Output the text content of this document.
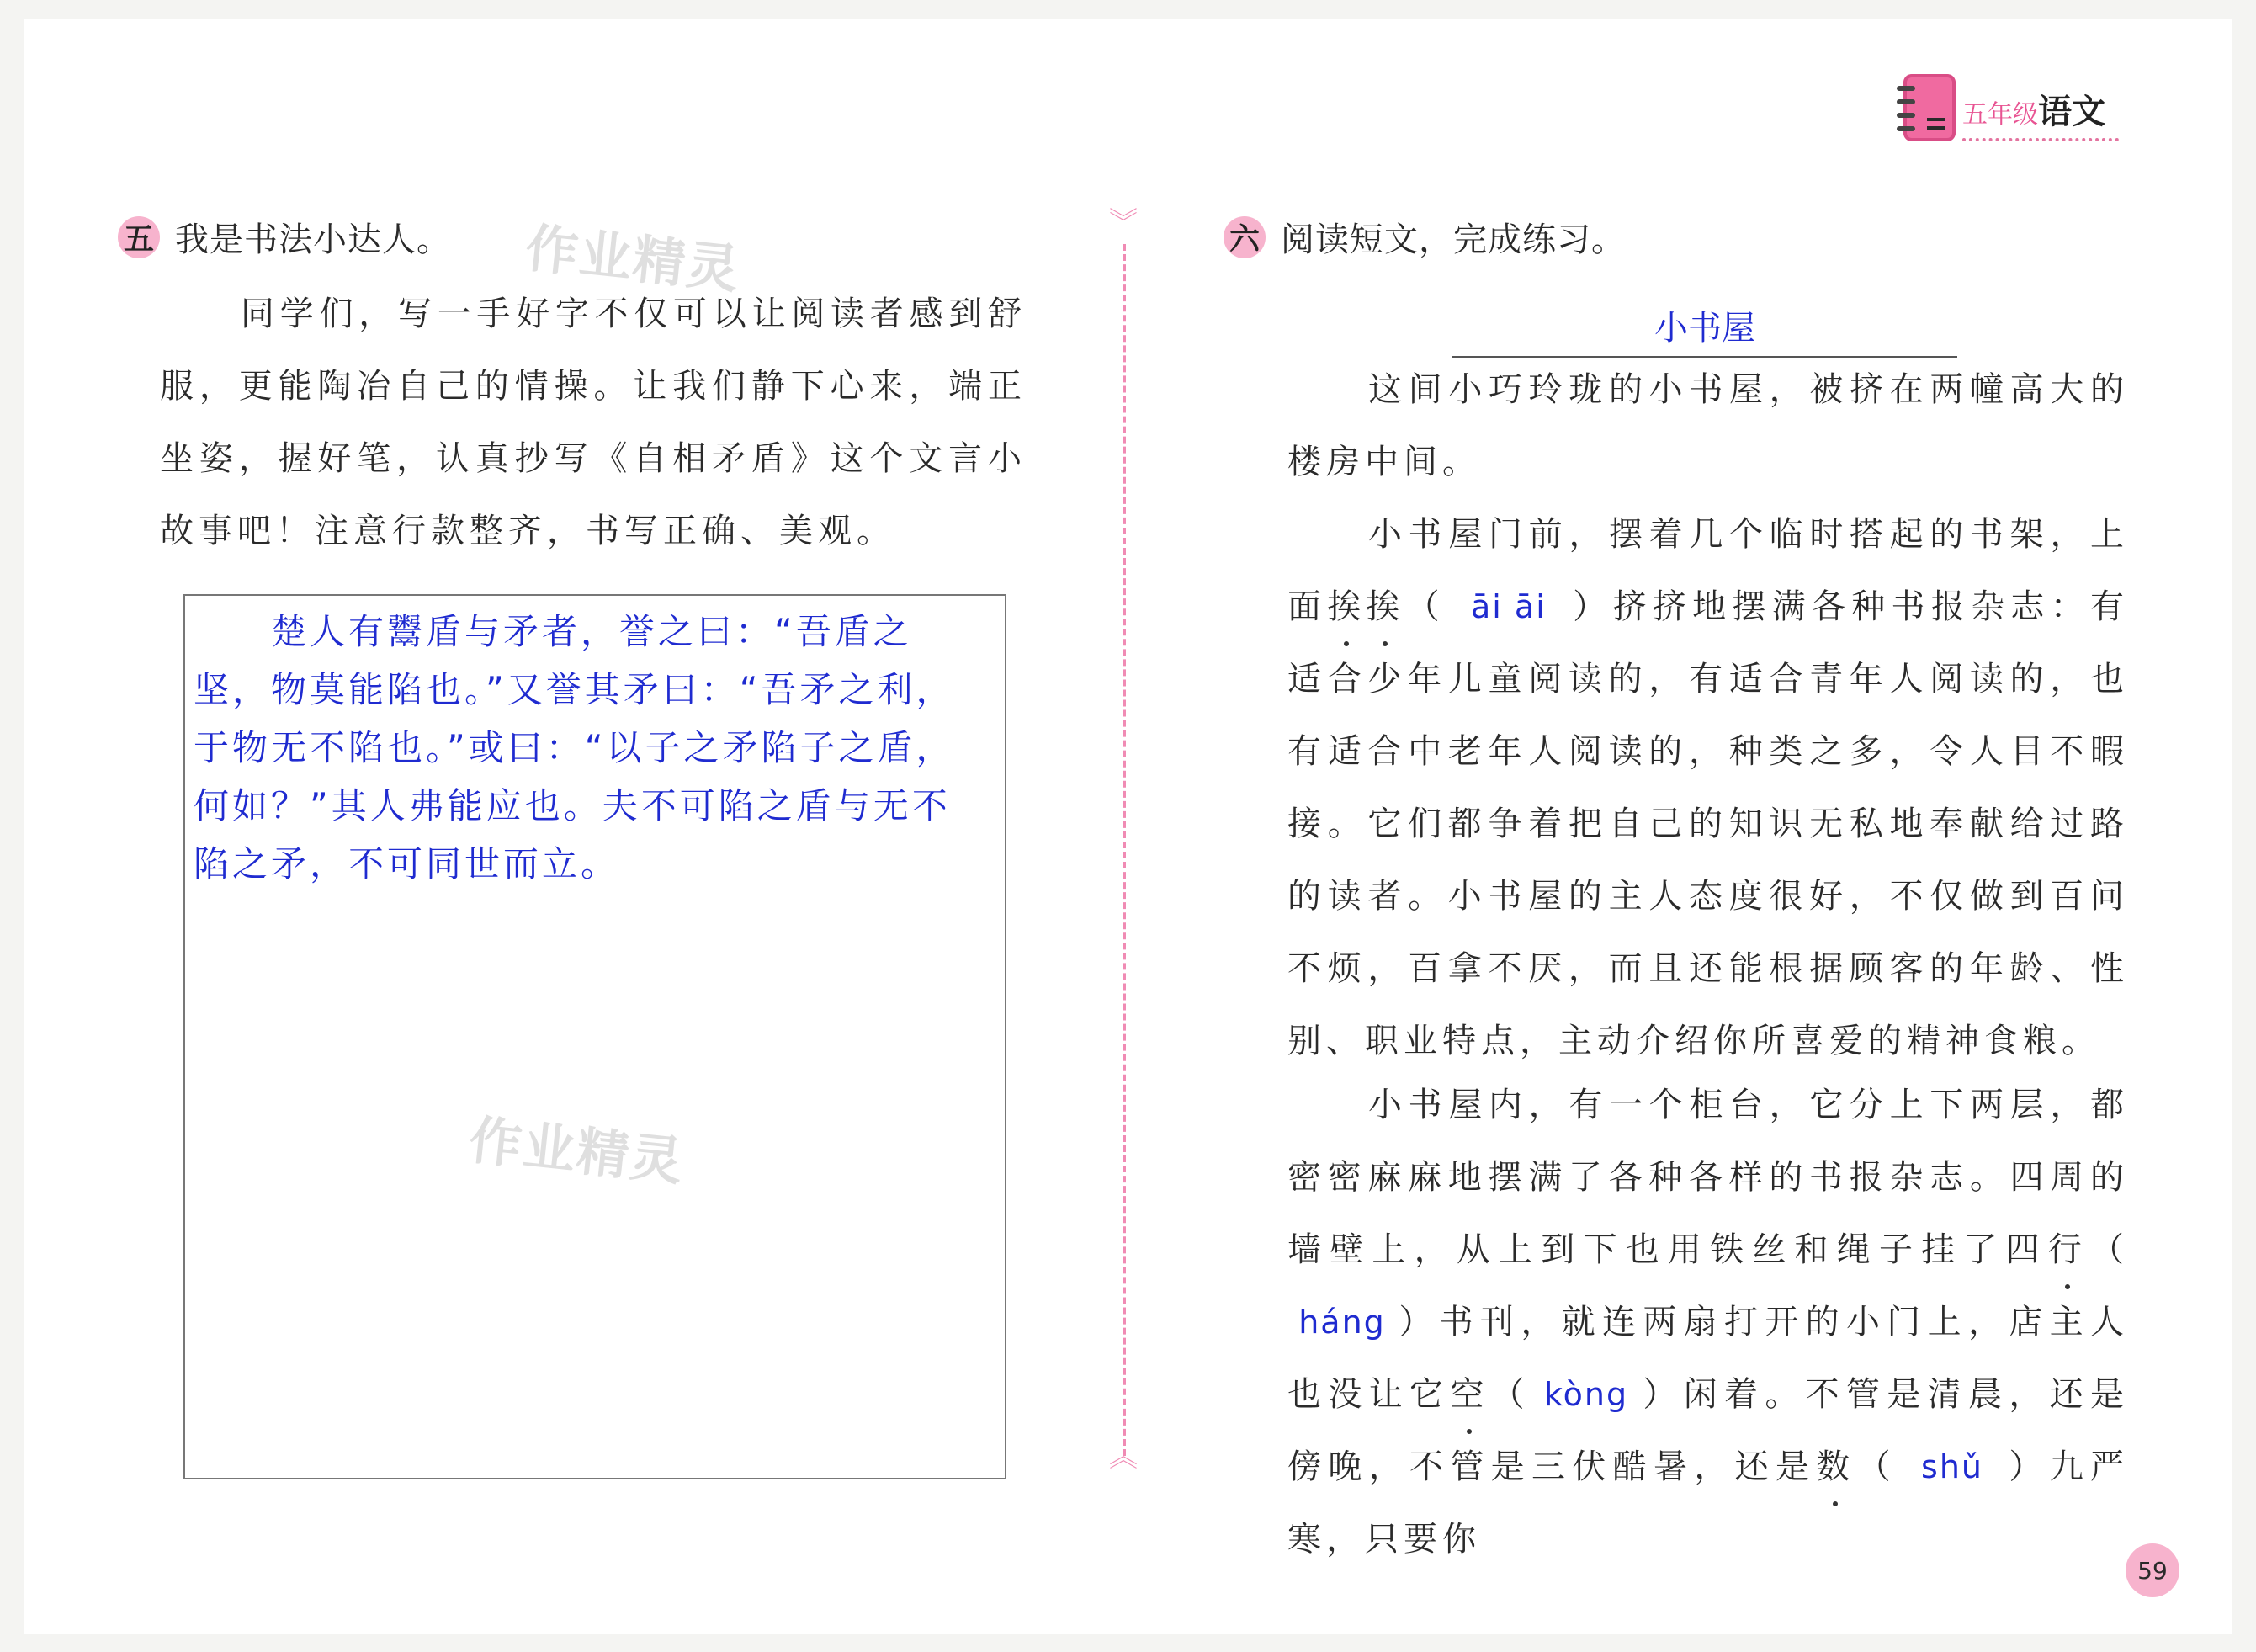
五年级语文
五 我是书法小达人。 作业精灵
同学们，写一手好字不仅可以让阅读者感到舒服，更能陶冶自己的情操。让我们静下心来，端正坐姿，握好笔，认真抄写《自相矛盾》这个文言小故事吧！注意行款整齐，书写正确、美观。
楚人有鬻盾与矛者，誉之曰：“吾盾之坚，物莫能陷也。”又誉其矛曰：“吾矛之利，于物无不陷也。”或曰：“以子之矛陷子之盾，何如？”其人弗能应也。夫不可陷之盾与无不陷之矛，不可同世而立。
作业精灵
︾
︽
六 阅读短文，完成练习。
小书屋
这间小巧玲珑的小书屋，被挤在两幢高大的楼房中间。
小书屋门前，摆着几个临时搭起的书架，上面挨挨（ āi āi ）挤挤地摆满各种书报杂志：有适合少年儿童阅读的，有适合青年人阅读的，也有适合中老年人阅读的，种类之多，令人目不暇接。它们都争着把自己的知识无私地奉献给过路的读者。小书屋的主人态度很好，不仅做到百问不烦，百拿不厌，而且还能根据顾客的年龄、性别、职业特点，主动介绍你所喜爱的精神食粮。
小书屋内，有一个柜台，它分上下两层，都密密麻麻地摆满了各种各样的书报杂志。四周的墙壁上，从上到下也用铁丝和绳子挂了四行（háng ）书刊，就连两扇打开的小门上，店主人也没让它空（ kòng ）闲着。不管是清晨，还是傍晚，不管是三伏酷暑，还是数（ shǔ ）九严寒，只要你
59
